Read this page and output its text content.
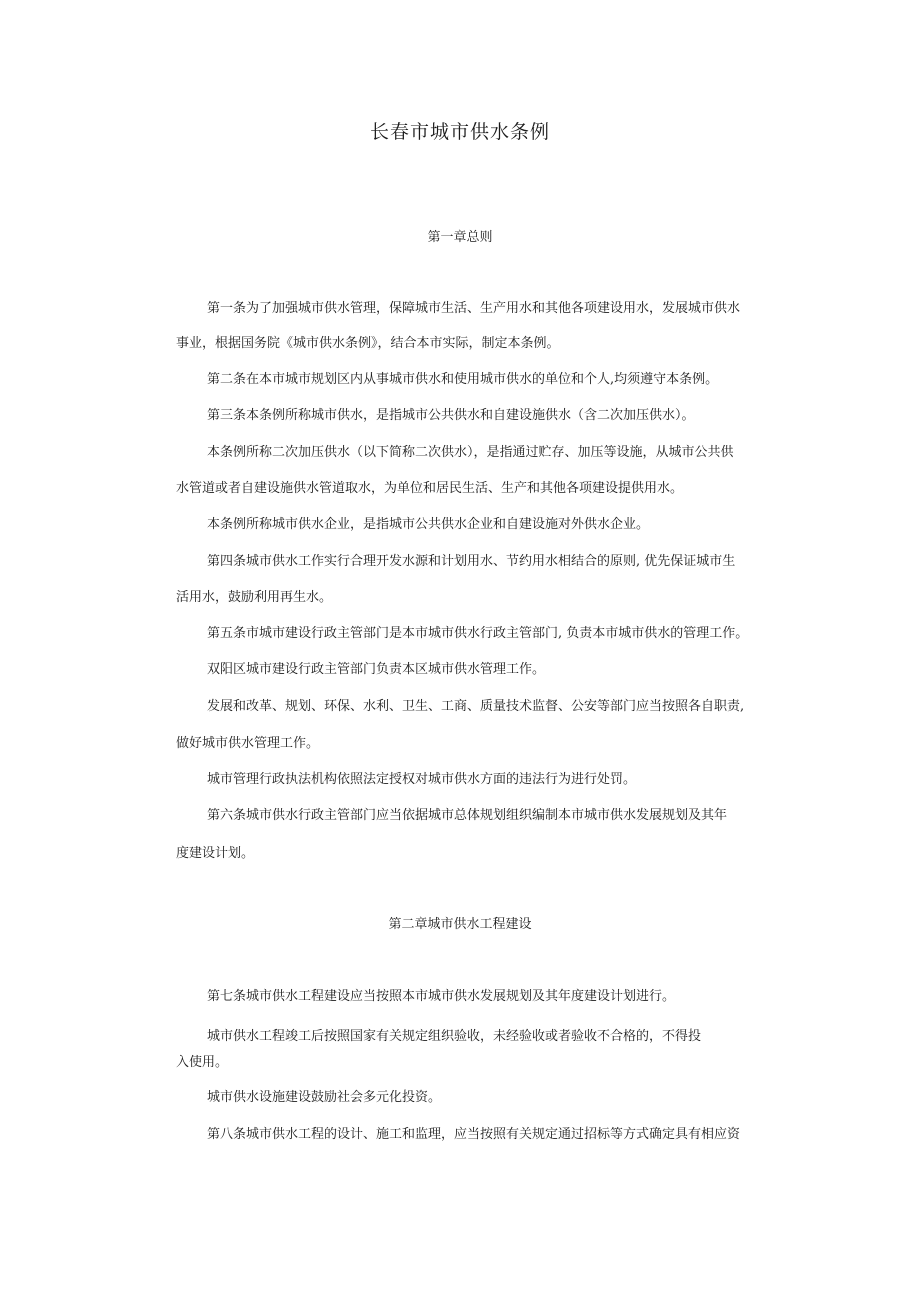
长春市城市供水条例
第一章总则
第一条为了加强城市供水管理，保障城市生活、生产用水和其他各项建设用水，发展城市供水
事业，根据国务院《城市供水条例》，结合本市实际，制定本条例。
第二条在本市城市规划区内从事城市供水和使用城市供水的单位和个人,均须遵守本条例。
第三条本条例所称城市供水，是指城市公共供水和自建设施供水（含二次加压供水）。
本条例所称二次加压供水（以下简称二次供水），是指通过贮存、加压等设施，从城市公共供
水管道或者自建设施供水管道取水，为单位和居民生活、生产和其他各项建设提供用水。
本条例所称城市供水企业，是指城市公共供水企业和自建设施对外供水企业。
第四条城市供水工作实行合理开发水源和计划用水、节约用水相结合的原则, 优先保证城市生
活用水，鼓励利用再生水。
第五条市城市建设行政主管部门是本市城市供水行政主管部门, 负责本市城市供水的管理工作。
双阳区城市建设行政主管部门负责本区城市供水管理工作。
发展和改革、规划、环保、水利、卫生、工商、质量技术监督、公安等部门应当按照各自职责,
做好城市供水管理工作。
城市管理行政执法机构依照法定授权对城市供水方面的违法行为进行处罚。
第六条城市供水行政主管部门应当依据城市总体规划组织编制本市城市供水发展规划及其年
度建设计划。
第二章城市供水工程建设
第七条城市供水工程建设应当按照本市城市供水发展规划及其年度建设计划进行。
城市供水工程竣工后按照国家有关规定组织验收，未经验收或者验收不合格的，不得投
入使用。
城市供水设施建设鼓励社会多元化投资。
第八条城市供水工程的设计、施工和监理，应当按照有关规定通过招标等方式确定具有相应资
